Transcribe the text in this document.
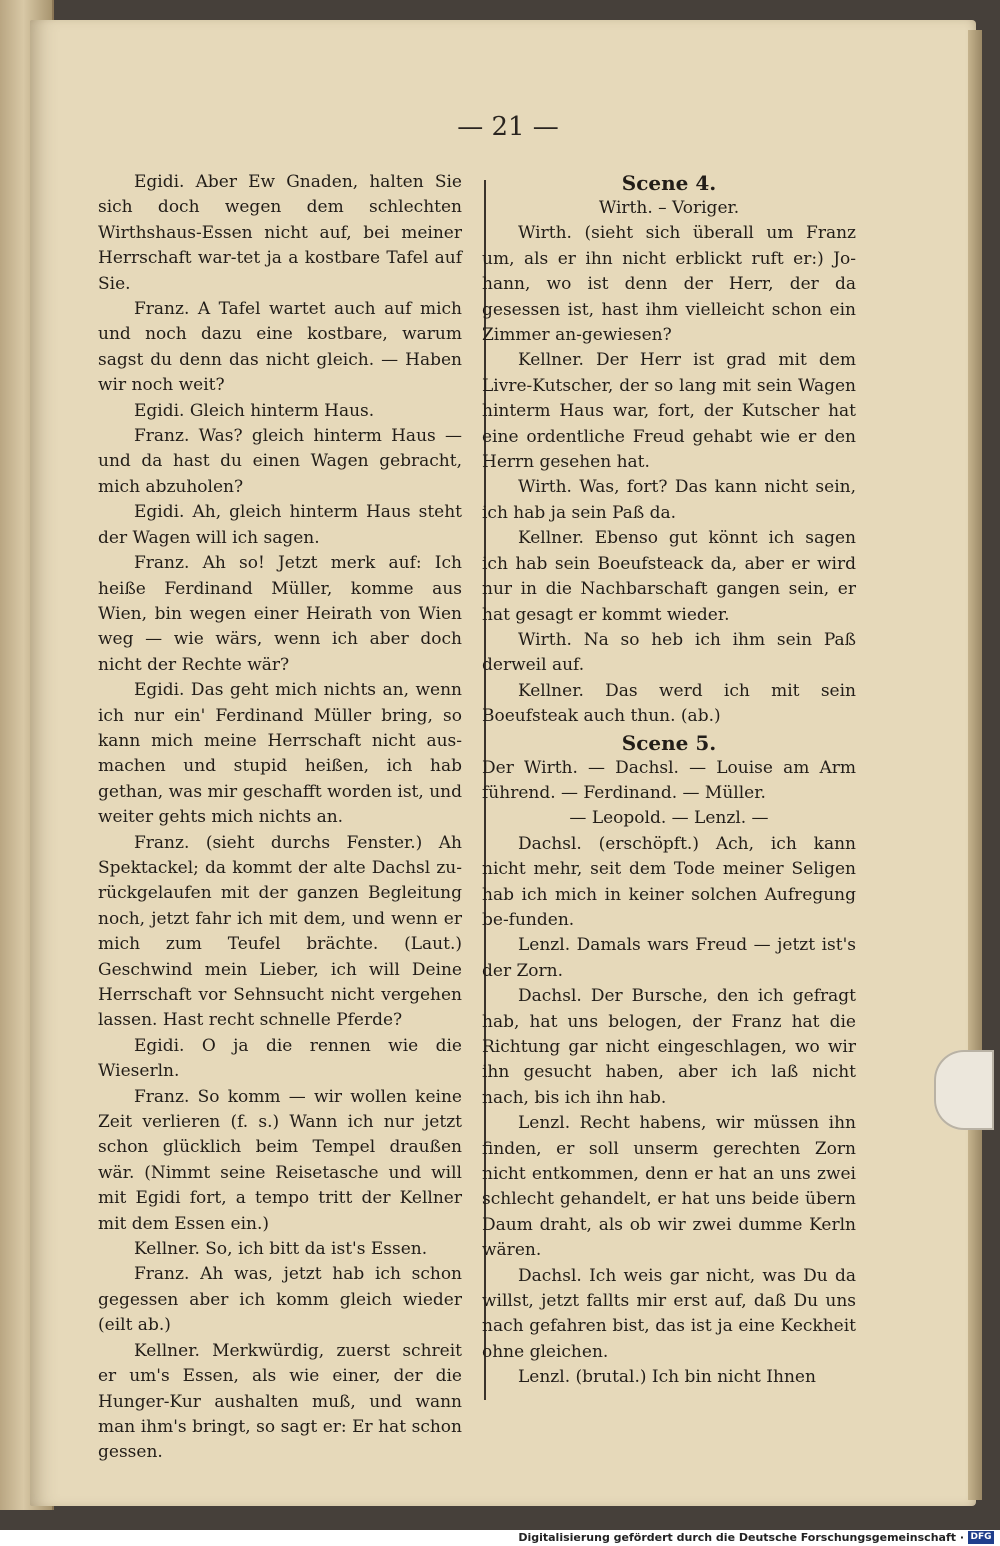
— 21 —

Egidi. Aber Ew Gnaden, halten Sie sich doch wegen dem schlechten Wirthshaus-Essen nicht auf, bei meiner Herrschaft war-tet ja a kostbare Tafel auf Sie.

Franz. A Tafel wartet auch auf mich und noch dazu eine kostbare, warum sagst du denn das nicht gleich. — Haben wir noch weit?

Egidi. Gleich hinterm Haus.

Franz. Was? gleich hinterm Haus — und da hast du einen Wagen gebracht, mich abzuholen?

Egidi. Ah, gleich hinterm Haus steht der Wagen will ich sagen.

Franz. Ah so! Jetzt merk auf: Ich heiße Ferdinand Müller, komme aus Wien, bin wegen einer Heirath von Wien weg — wie wärs, wenn ich aber doch nicht der Rechte wär?

Egidi. Das geht mich nichts an, wenn ich nur ein' Ferdinand Müller bring, so kann mich meine Herrschaft nicht aus-machen und stupid heißen, ich hab gethan, was mir geschafft worden ist, und weiter gehts mich nichts an.

Franz. (sieht durchs Fenster.) Ah Spektackel; da kommt der alte Dachsl zu-rückgelaufen mit der ganzen Begleitung noch, jetzt fahr ich mit dem, und wenn er mich zum Teufel brächte. (Laut.) Geschwind mein Lieber, ich will Deine Herrschaft vor Sehnsucht nicht vergehen lassen. Hast recht schnelle Pferde?

Egidi. O ja die rennen wie die Wieserln.

Franz. So komm — wir wollen keine Zeit verlieren (f. s.) Wann ich nur jetzt schon glücklich beim Tempel draußen wär. (Nimmt seine Reisetasche und will mit Egidi fort, a tempo tritt der Kellner mit dem Essen ein.)

Kellner. So, ich bitt da ist's Essen.

Franz. Ah was, jetzt hab ich schon gegessen aber ich komm gleich wieder (eilt ab.)

Kellner. Merkwürdig, zuerst schreit er um's Essen, als wie einer, der die Hunger-Kur aushalten muß, und wann man ihm's bringt, so sagt er: Er hat schon gessen.

Scene 4.

Wirth. – Voriger.

Wirth. (sieht sich überall um Franz um, als er ihn nicht erblickt ruft er:) Jo-hann, wo ist denn der Herr, der da gesessen ist, hast ihm vielleicht schon ein Zimmer an-gewiesen?

Kellner. Der Herr ist grad mit dem Livre-Kutscher, der so lang mit sein Wagen hinterm Haus war, fort, der Kutscher hat eine ordentliche Freud gehabt wie er den Herrn gesehen hat.

Wirth. Was, fort? Das kann nicht sein, ich hab ja sein Paß da.

Kellner. Ebenso gut könnt ich sagen ich hab sein Boeufsteack da, aber er wird nur in die Nachbarschaft gangen sein, er hat gesagt er kommt wieder.

Wirth. Na so heb ich ihm sein Paß derweil auf.

Kellner. Das werd ich mit sein Boeufsteak auch thun. (ab.)

Scene 5.

Der Wirth. — Dachsl. — Louise am Arm führend. — Ferdinand. — Müller.

— Leopold. — Lenzl. —

Dachsl. (erschöpft.) Ach, ich kann nicht mehr, seit dem Tode meiner Seligen hab ich mich in keiner solchen Aufregung be-funden.

Lenzl. Damals wars Freud — jetzt ist's der Zorn.

Dachsl. Der Bursche, den ich gefragt hab, hat uns belogen, der Franz hat die Richtung gar nicht eingeschlagen, wo wir ihn gesucht haben, aber ich laß nicht nach, bis ich ihn hab.

Lenzl. Recht habens, wir müssen ihn finden, er soll unserm gerechten Zorn nicht entkommen, denn er hat an uns zwei schlecht gehandelt, er hat uns beide übern Daum draht, als ob wir zwei dumme Kerln wären.

Dachsl. Ich weis gar nicht, was Du da willst, jetzt fallts mir erst auf, daß Du uns nach gefahren bist, das ist ja eine Keckheit ohne gleichen.

Lenzl. (brutal.) Ich bin nicht Ihnen

Digitalisierung gefördert durch die Deutsche Forschungsgemeinschaft · DFG
